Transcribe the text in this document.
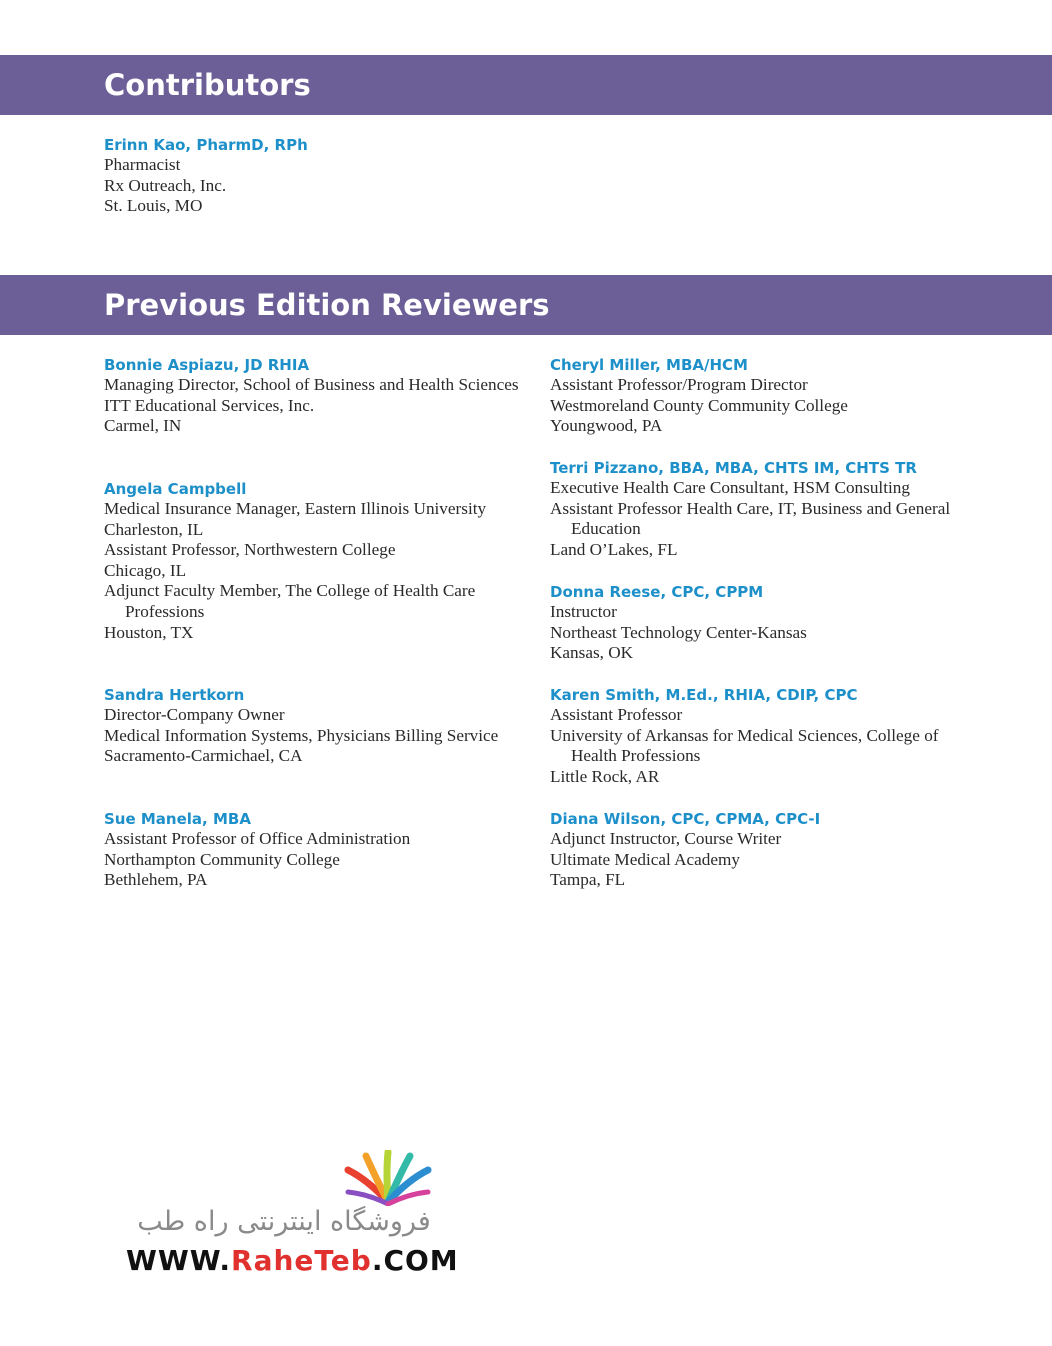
Contributors
Erinn Kao, PharmD, RPh
Pharmacist
Rx Outreach, Inc.
St. Louis, MO
Previous Edition Reviewers
Bonnie Aspiazu, JD RHIA
Managing Director, School of Business and Health Sciences
ITT Educational Services, Inc.
Carmel, IN
Angela Campbell
Medical Insurance Manager, Eastern Illinois University
Charleston, IL
Assistant Professor, Northwestern College
Chicago, IL
Adjunct Faculty Member, The College of Health Care Professions
Houston, TX
Sandra Hertkorn
Director-Company Owner
Medical Information Systems, Physicians Billing Service
Sacramento-Carmichael, CA
Sue Manela, MBA
Assistant Professor of Office Administration
Northampton Community College
Bethlehem, PA
Cheryl Miller, MBA/HCM
Assistant Professor/Program Director
Westmoreland County Community College
Youngwood, PA
Terri Pizzano, BBA, MBA, CHTS IM, CHTS TR
Executive Health Care Consultant, HSM Consulting
Assistant Professor Health Care, IT, Business and General Education
Land O’Lakes, FL
Donna Reese, CPC, CPPM
Instructor
Northeast Technology Center-Kansas
Kansas, OK
Karen Smith, M.Ed., RHIA, CDIP, CPC
Assistant Professor
University of Arkansas for Medical Sciences, College of Health Professions
Little Rock, AR
Diana Wilson, CPC, CPMA, CPC-I
Adjunct Instructor, Course Writer
Ultimate Medical Academy
Tampa, FL
فروشگاه اینترنتی راه طب
WWW.RaheTeb.COM
